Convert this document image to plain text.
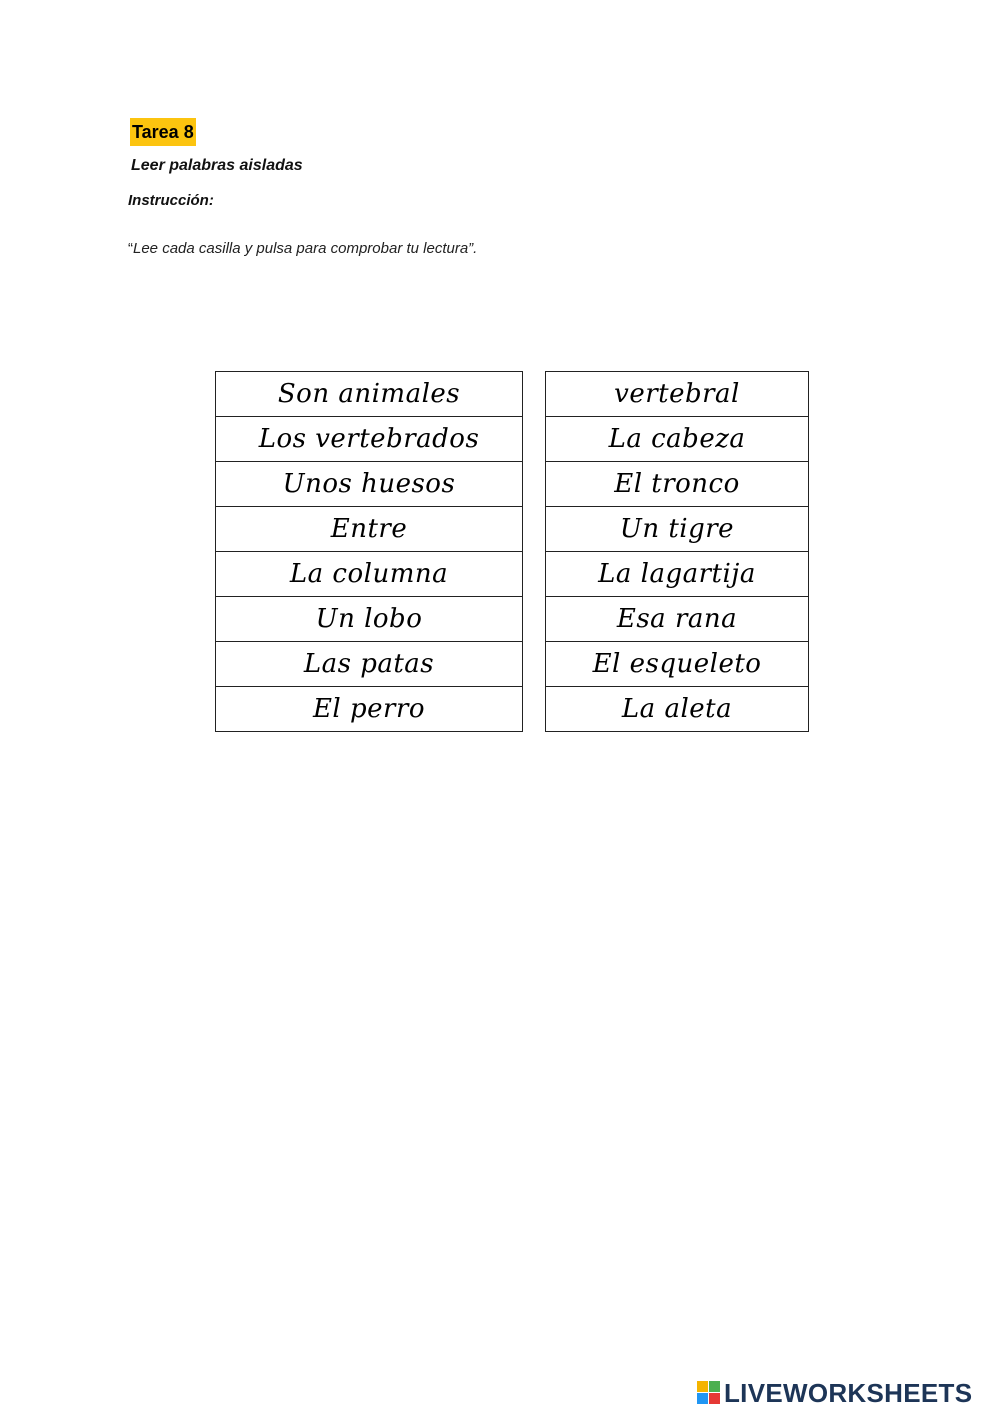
Tarea 8
Leer palabras aisladas
Instrucción:
“Lee cada casilla y pulsa para comprobar tu lectura”.
Son animales
Los vertebrados
Unos huesos
Entre
La columna
Un lobo
Las patas
El perro
vertebral
La cabeza
El tronco
Un tigre
La lagartija
Esa rana
El esqueleto
La aleta
LIVEWORKSHEETS
